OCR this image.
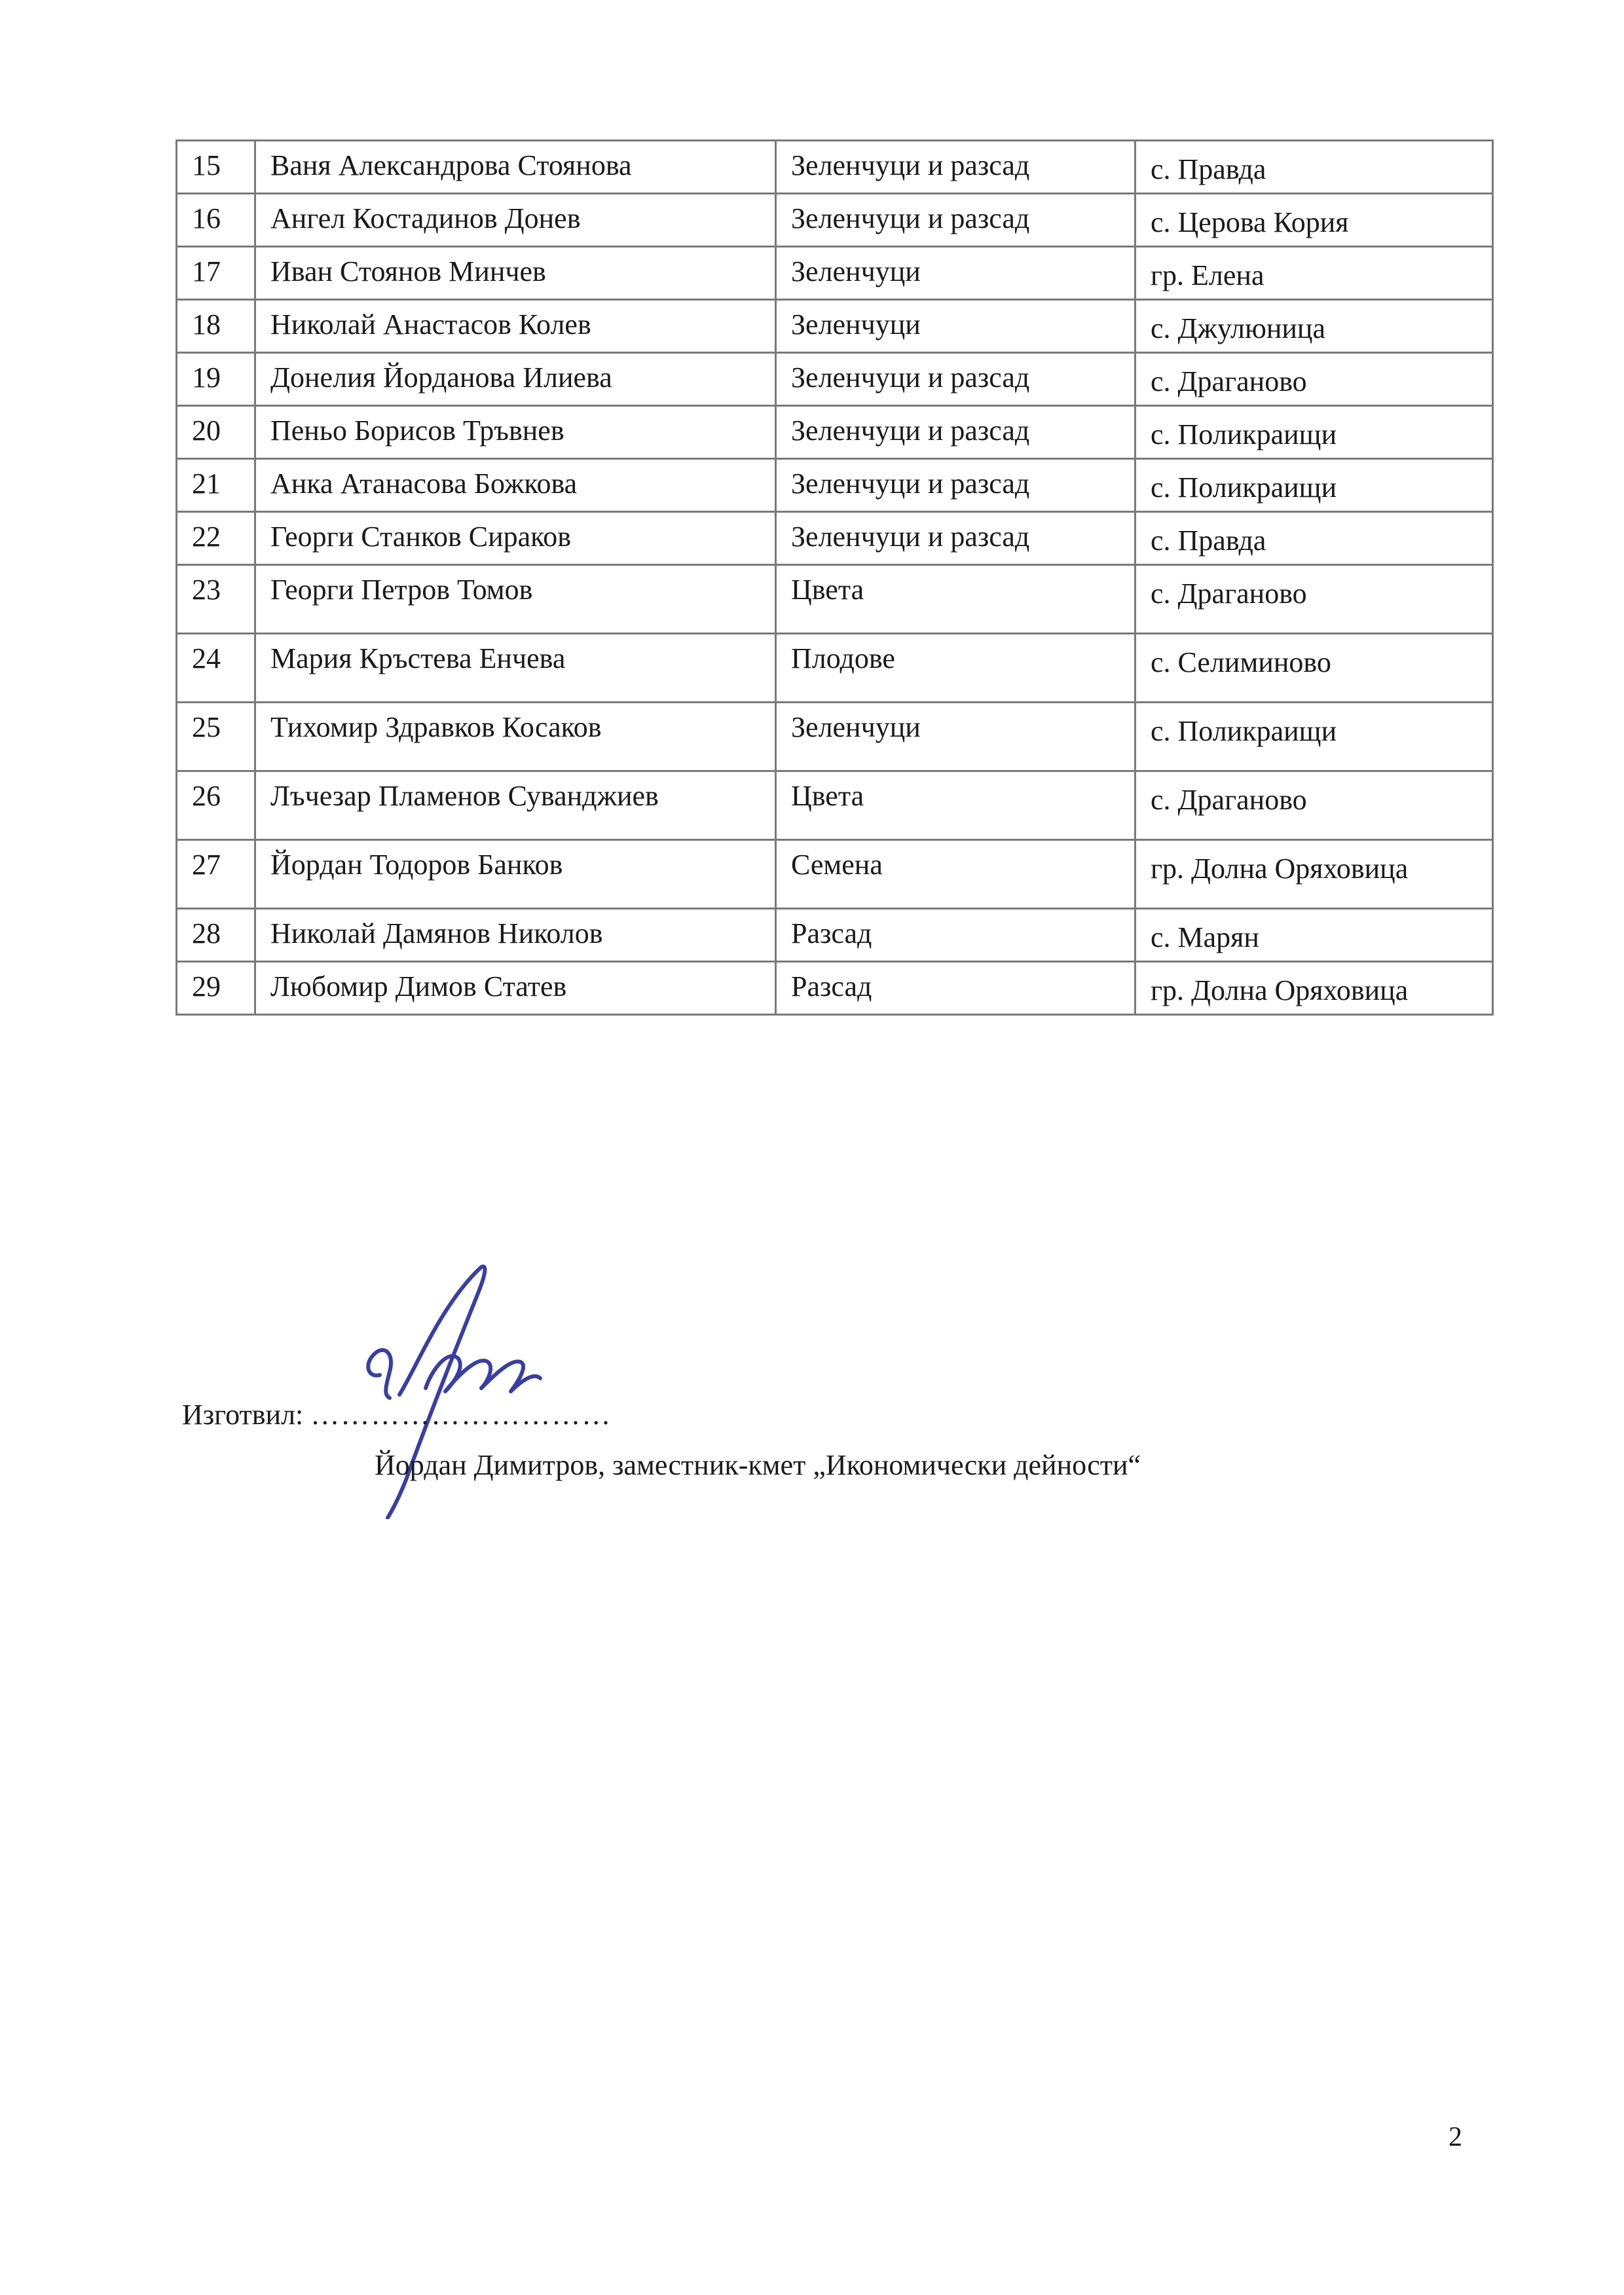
15	Ваня Александрова Стоянова	Зеленчуци и разсад	с. Правда
16	Ангел Костадинов Донев	Зеленчуци и разсад	с. Церова Кория
17	Иван Стоянов Минчев	Зеленчуци	гр. Елена
18	Николай Анастасов Колев	Зеленчуци	с. Джулюница
19	Донелия Йорданова Илиева	Зеленчуци и разсад	с. Драганово
20	Пеньо Борисов Тръвнев	Зеленчуци и разсад	с. Поликраищи
21	Анка Атанасова Божкова	Зеленчуци и разсад	с. Поликраищи
22	Георги Станков Сираков	Зеленчуци и разсад	с. Правда
23	Георги Петров Томов	Цвета	с. Драганово
24	Мария Кръстева Енчева	Плодове	с. Селиминово
25	Тихомир Здравков Косаков	Зеленчуци	с. Поликраищи
26	Лъчезар Пламенов Суванджиев	Цвета	с. Драганово
27	Йордан Тодоров Банков	Семена	гр. Долна Оряховица
28	Николай Дамянов Николов	Разсад	с. Марян
29	Любомир Димов Статев	Разсад	гр. Долна Оряховица
Изготвил: …………………………
Йордан Димитров, заместник-кмет „Икономически дейности“
2
